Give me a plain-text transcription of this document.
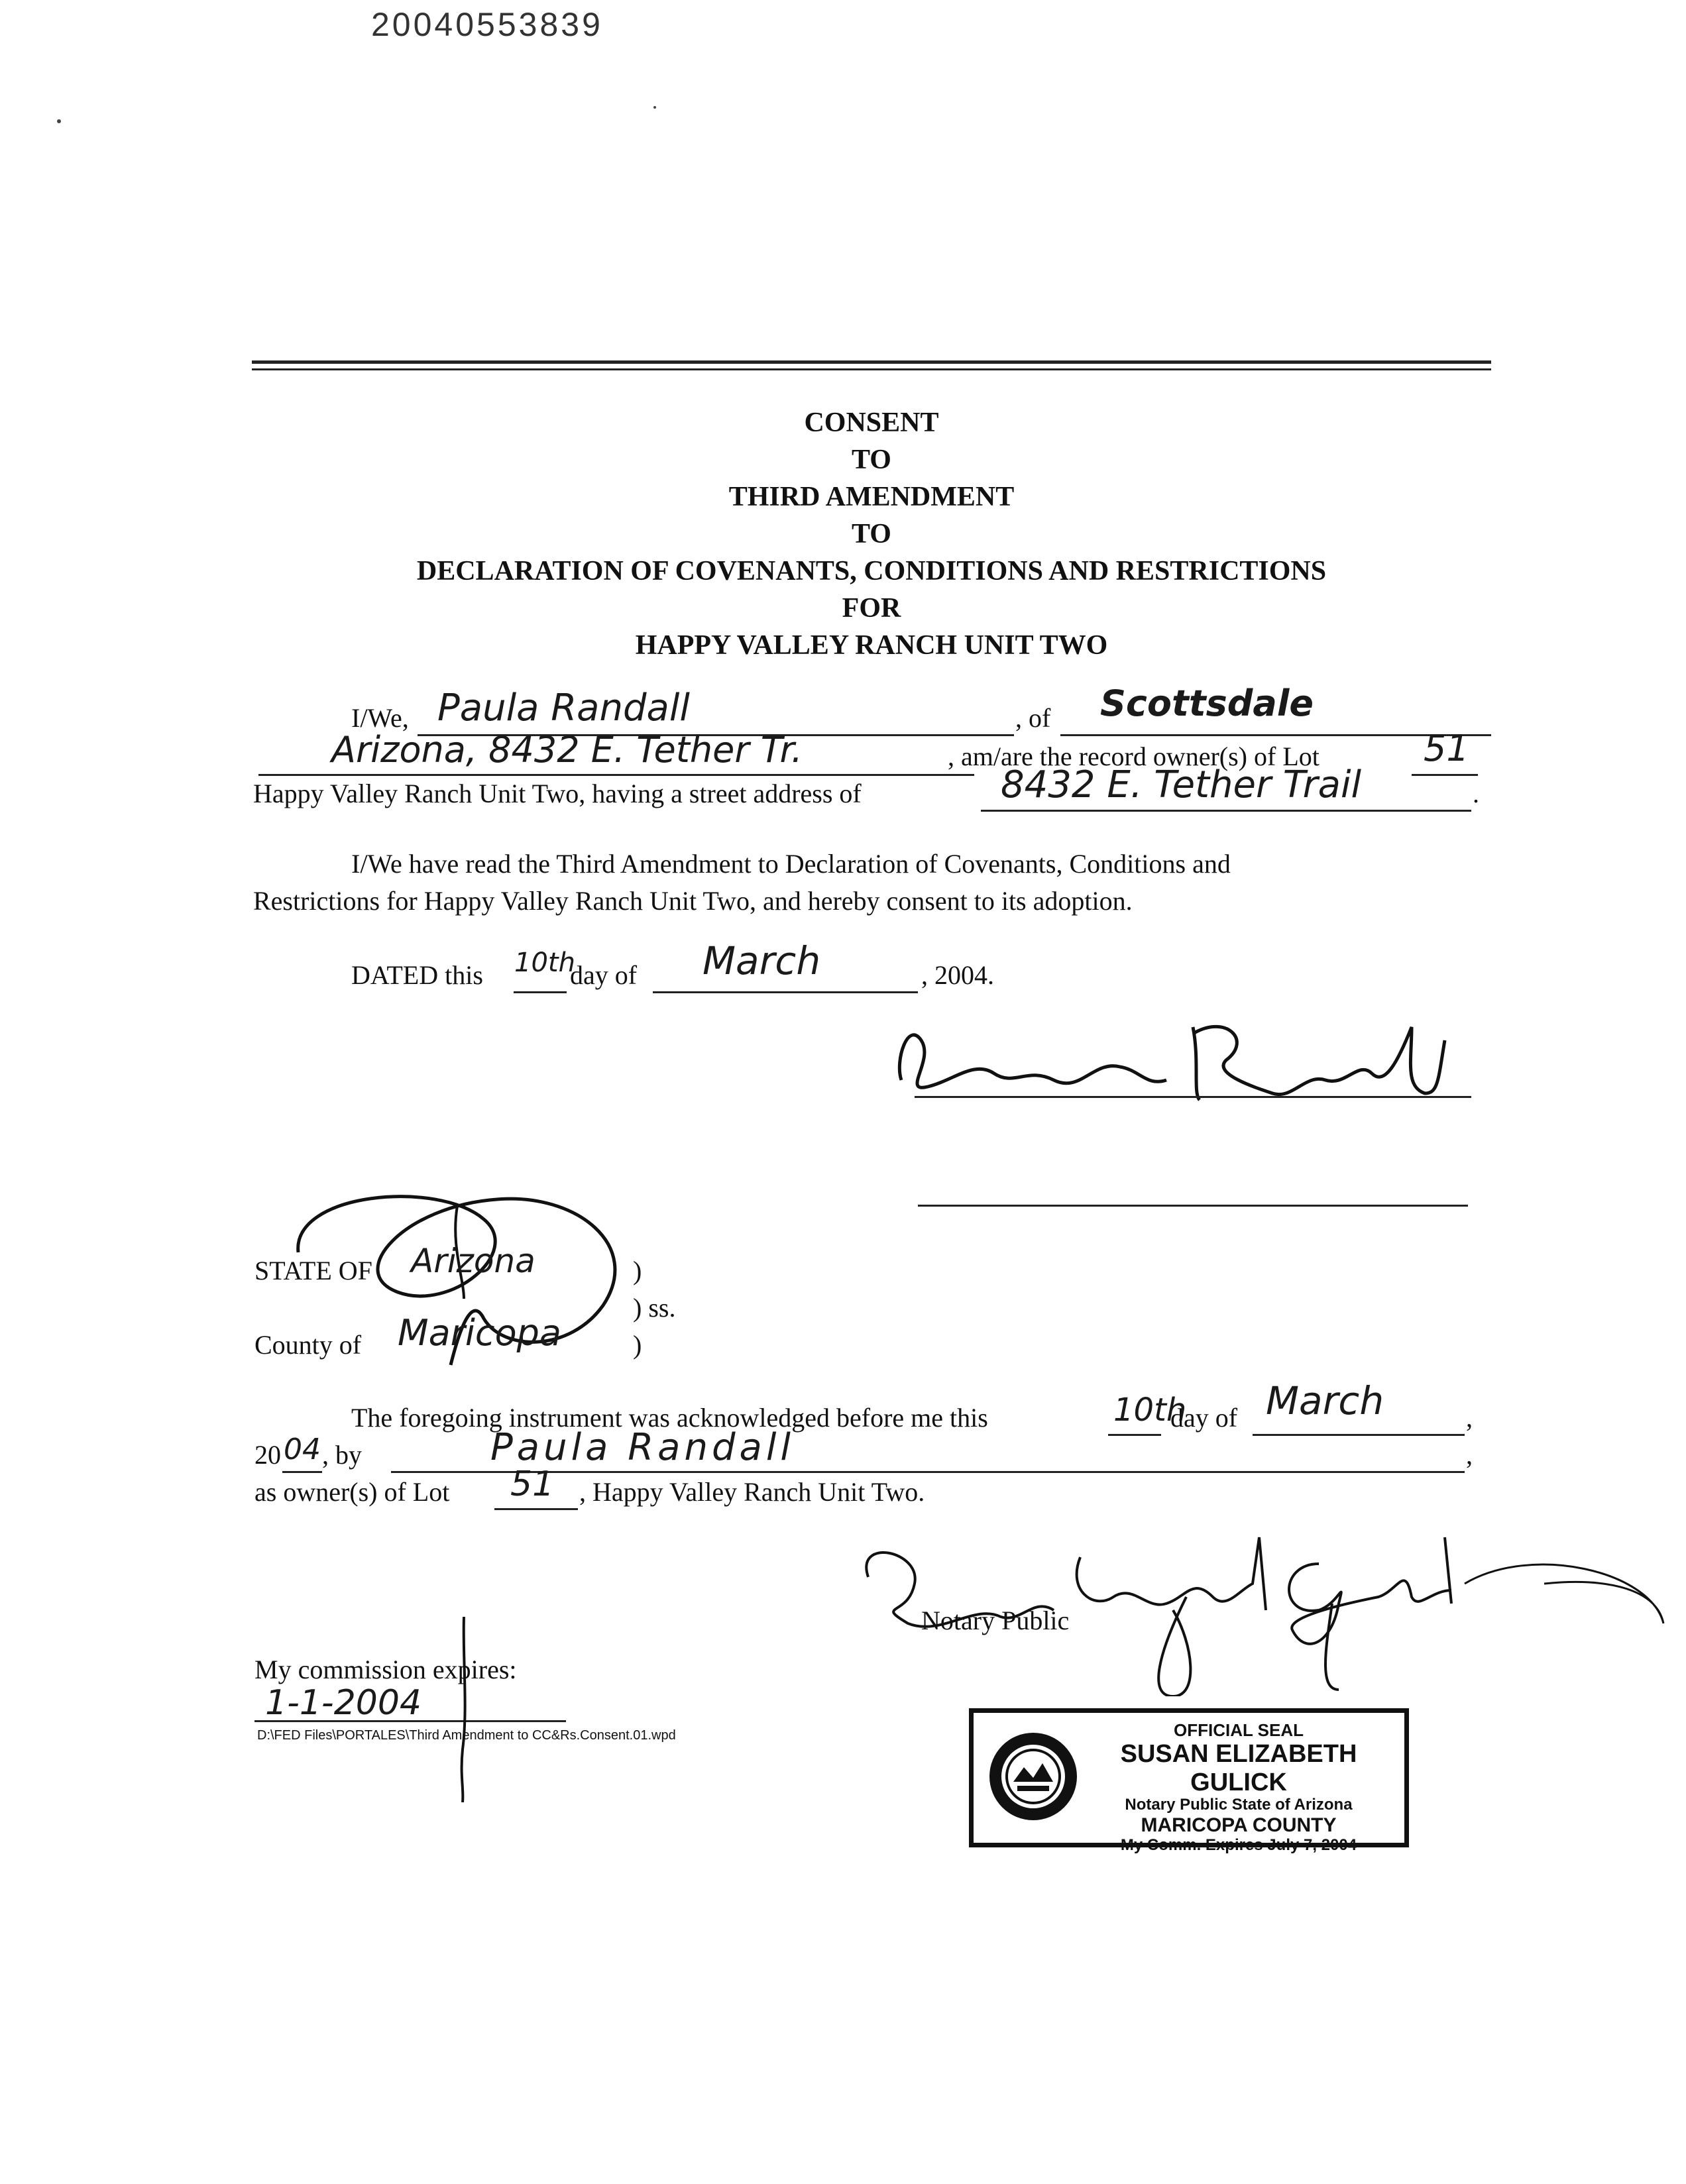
20040553839
CONSENT
TO
THIRD AMENDMENT
TO
DECLARATION OF COVENANTS, CONDITIONS AND RESTRICTIONS
FOR
HAPPY VALLEY RANCH UNIT TWO
I/We, Paula Randall	, of Scottsdale
Arizona, 8432 E. Tether Tr.	, am/are the record owner(s) of Lot	51
Happy Valley Ranch Unit Two, having a street address of	8432 E. Tether Trail	.
I/We have read the Third Amendment to Declaration of Covenants, Conditions and
Restrictions for Happy Valley Ranch Unit Two, and hereby consent to its adoption.
DATED this 10th
day of March	, 2004.
STATE OF Arizona	)
) ss.
County of Maricopa	)
The foregoing instrument was acknowledged before me this	10th
day of March	,
20 04 , by	Paula Randall	,
as owner(s) of Lot 51 , Happy Valley Ranch Unit Two.
Notary Public
My commission expires:
1-1-2004
D:\FED Files\PORTALES\Third Amendment to CC&Rs.Consent.01.wpd	OFFICIAL SEAL
SUSAN ELIZABETH GULICK
Notary Public State of Arizona
MARICOPA COUNTY
My Comm. Expires July 7, 2004
